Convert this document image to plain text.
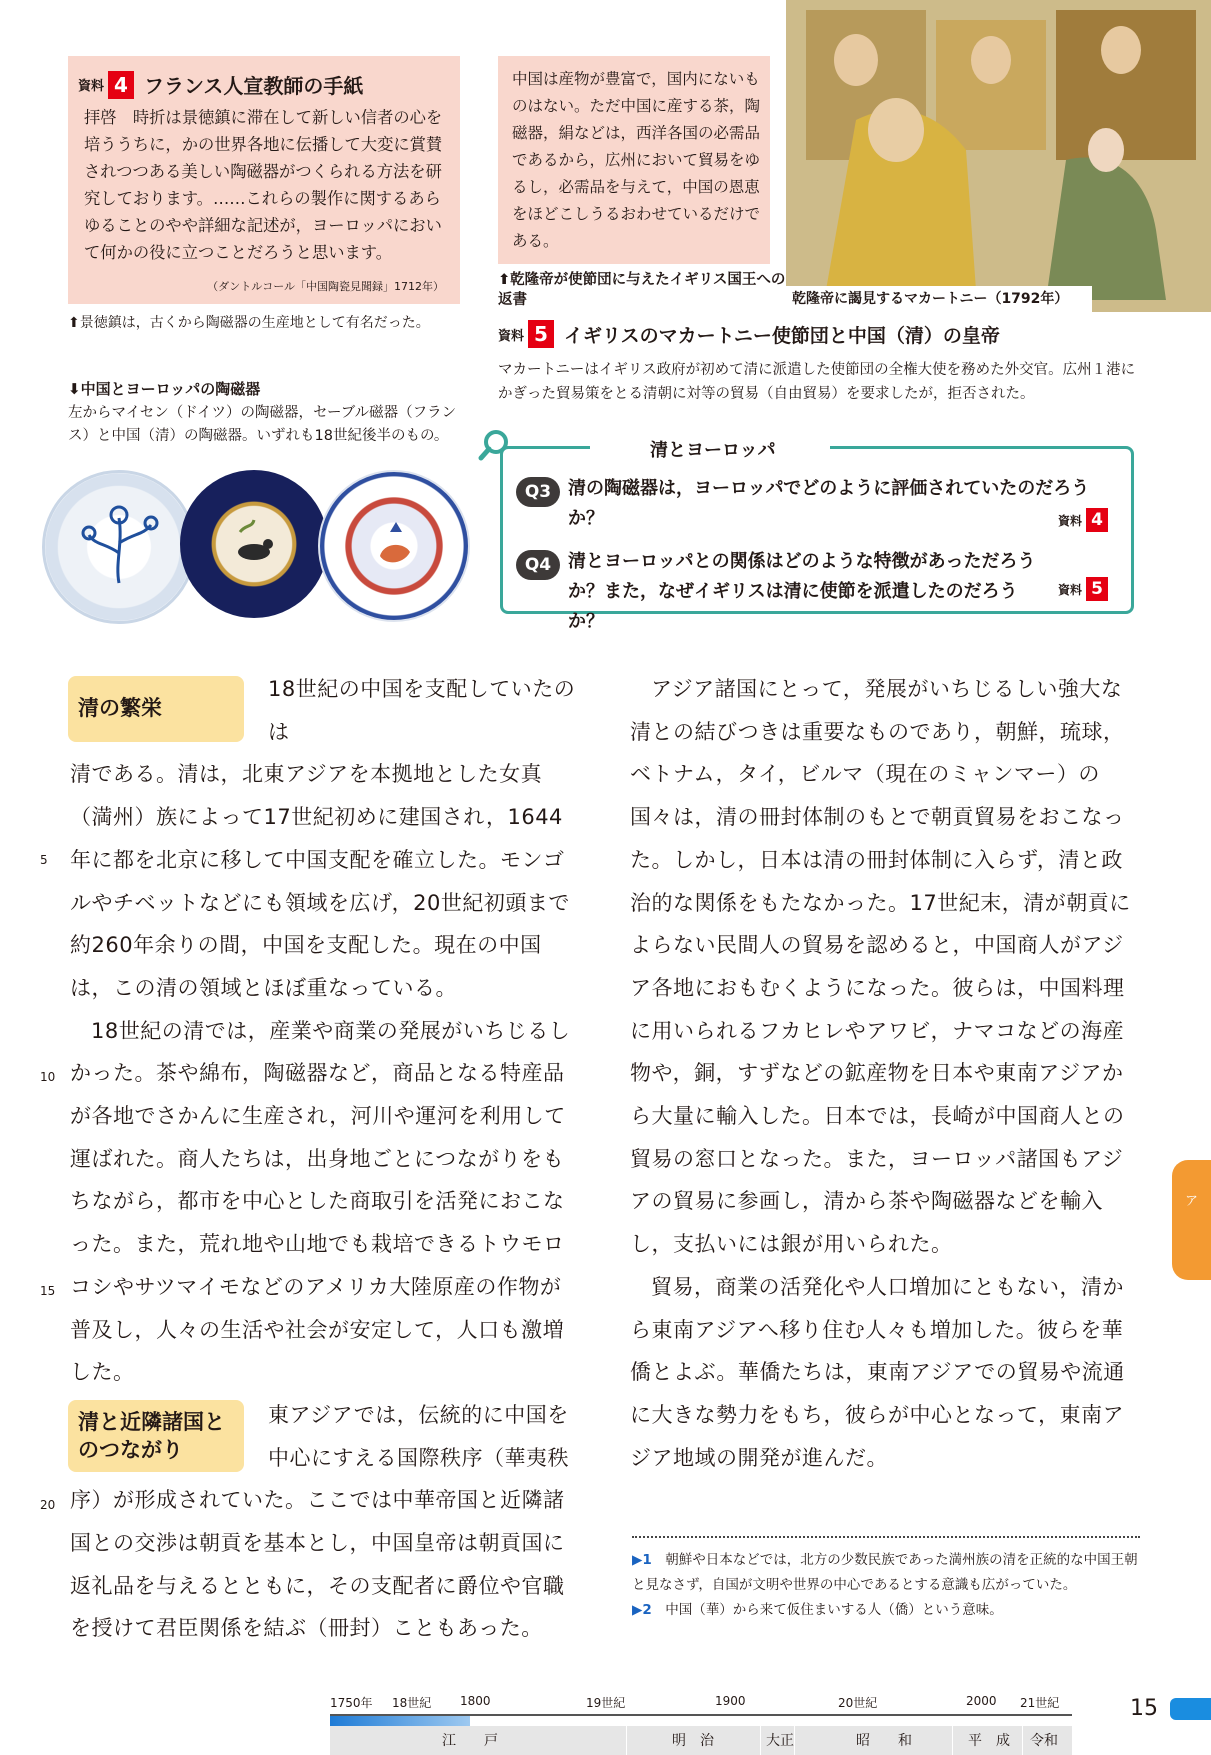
資料 4 フランス人宣教師の手紙
拝啓　時折は景徳鎮に滞在して新しい信者の心を培ううちに，かの世界各地に伝播して大変に賞賛されつつある美しい陶磁器がつくられる方法を研究しております。……これらの製作に関するあらゆることのやや詳細な記述が，ヨーロッパにおいて何かの役に立つことだろうと思います。
（ダントルコール「中国陶瓷見聞録」1712年）
⬆景徳鎮は，古くから陶磁器の生産地として有名だった。
⬇中国とヨーロッパの陶磁器
左からマイセン（ドイツ）の陶磁器，セーブル磁器（フランス）と中国（清）の陶磁器。いずれも18世紀後半のもの。
中国は産物が豊富で，国内にないものはない。ただ中国に産する茶，陶磁器，絹などは，西洋各国の必需品であるから，広州において貿易をゆるし，必需品を与えて，中国の恩恵をほどこしうるおわせているだけである。
⬆乾隆帝が使節団に与えたイギリス国王への返書	乾隆帝に謁見するマカートニー（1792年）
資料 5 イギリスのマカートニー使節団と中国（清）の皇帝
マカートニーはイギリス政府が初めて清に派遣した使節団の全権大使を務めた外交官。広州１港にかぎった貿易策をとる清朝に対等の貿易（自由貿易）を要求したが，拒否された。
清とヨーロッパ
Q3 清の陶磁器は，ヨーロッパでどのように評価されていたのだろうか？	資料 4
Q4 清とヨーロッパとの関係はどのような特徴があっただろうか？また，なぜイギリスは清に使節を派遣したのだろうか？
資料 5
清の繁栄
清と近隣諸国と
のつながり

18世紀の中国を支配していたのは

清である。清は，北東アジアを本拠地とした女真（満州）族によって17世紀初めに建国され，1644年に都を北京に移して中国支配を確立した。モンゴルやチベットなどにも領域を広げ，20世紀初頭まで約260年余りの間，中国を支配した。現在の中国は，この清の領域とほぼ重なっている。

18世紀の清では，産業や商業の発展がいちじるしかった。茶や綿布，陶磁器など，商品となる特産品が各地でさかんに生産され，河川や運河を利用して運ばれた。商人たちは，出身地ごとにつながりをもちながら，都市を中心とした商取引を活発におこなった。また，荒れ地や山地でも栽培できるトウモロコシやサツマイモなどのアメリカ大陸原産の作物が普及し，人々の生活や社会が安定して，人口も激増した。

東アジアでは，伝統的に中国を中心にすえる国際秩序（華夷秩

序）が形成されていた。ここでは中華帝国と近隣諸国との交渉は朝貢を基本とし，中国皇帝は朝貢国に返礼品を与えるとともに，その支配者に爵位や官職を授けて君臣関係を結ぶ（冊封）こともあった。

5
10
15
20

アジア諸国にとって，発展がいちじるしい強大な清との結びつきは重要なものであり，朝鮮，琉球，ベトナム，タイ，ビルマ（現在のミャンマー）の国々は，清の冊封体制のもとで朝貢貿易をおこなった。しかし，日本は清の冊封体制に入らず，清と政治的な関係をもたなかった。17世紀末，清が朝貢によらない民間人の貿易を認めると，中国商人がアジア各地におもむくようになった。彼らは，中国料理に用いられるフカヒレやアワビ，ナマコなどの海産物や，銅，すずなどの鉱産物を日本や東南アジアから大量に輸入した。日本では，長崎が中国商人との貿易の窓口となった。また，ヨーロッパ諸国もアジアの貿易に参画し，清から茶や陶磁器などを輸入し，支払いには銀が用いられた。

貿易，商業の活発化や人口増加にともない，清から東南アジアへ移り住む人々も増加した。彼らを華僑とよぶ。華僑たちは，東南アジアでの貿易や流通に大きな勢力をもち，彼らが中心となって，東南アジア地域の開発が進んだ。

▶1　 朝鮮や日本などでは，北方の少数民族であった満州族の清を正統的な中国王朝と見なさず，自国が文明や世界の中心であるとする意識も広がっていた。
▶2　 中国（華）から来て仮住まいする人（僑）という意味。
1750年 18世紀 1800	19世紀	1900	20世紀	2000 21世紀
江　　戸	明　治	大正	昭　　和	平　成 令和
15
ア
